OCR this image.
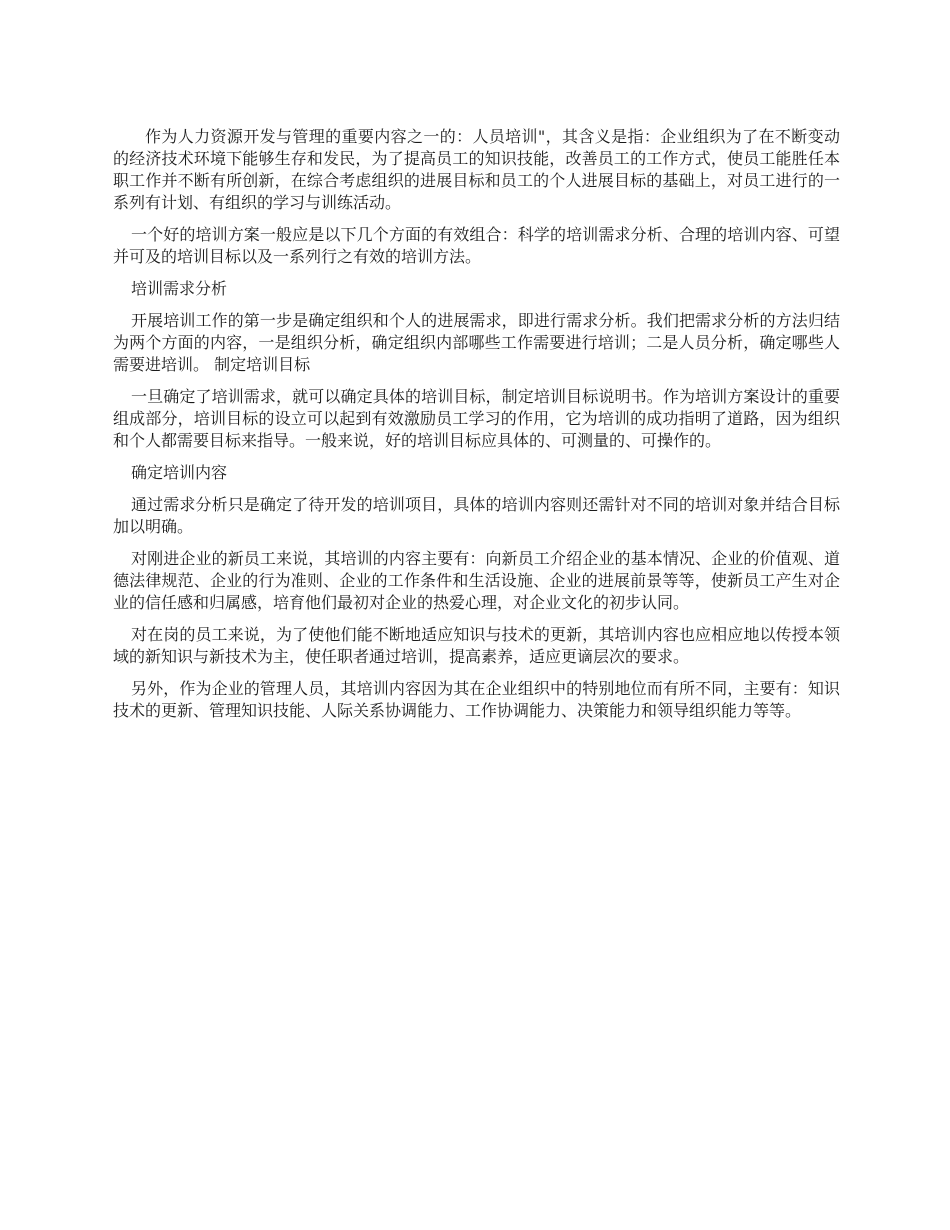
作为人力资源开发与管理的重要内容之一的：人员培训"，其含义是指：企业组织为了在不断变动的经济技术环境下能够生存和发民，为了提高员工的知识技能，改善员工的工作方式，使员工能胜任本职工作并不断有所创新，在综合考虑组织的进展目标和员工的个人进展目标的基础上，对员工进行的一系列有计划、有组织的学习与训练活动。

一个好的培训方案一般应是以下几个方面的有效组合：科学的培训需求分析、合理的培训内容、可望并可及的培训目标以及一系列行之有效的培训方法。

培训需求分析

开展培训工作的第一步是确定组织和个人的进展需求，即进行需求分析。我们把需求分析的方法归结为两个方面的内容，一是组织分析，确定组织内部哪些工作需要进行培训；二是人员分析，确定哪些人需要进培训。 制定培训目标

一旦确定了培训需求，就可以确定具体的培训目标，制定培训目标说明书。作为培训方案设计的重要组成部分，培训目标的设立可以起到有效激励员工学习的作用，它为培训的成功指明了道路，因为组织和个人都需要目标来指导。一般来说，好的培训目标应具体的、可测量的、可操作的。

确定培训内容

通过需求分析只是确定了待开发的培训项目，具体的培训内容则还需针对不同的培训对象并结合目标加以明确。

对刚进企业的新员工来说，其培训的内容主要有：向新员工介绍企业的基本情况、企业的价值观、道德法律规范、企业的行为准则、企业的工作条件和生活设施、企业的进展前景等等，使新员工产生对企业的信任感和归属感，培育他们最初对企业的热爱心理，对企业文化的初步认同。

对在岗的员工来说，为了使他们能不断地适应知识与技术的更新，其培训内容也应相应地以传授本领域的新知识与新技术为主，使任职者通过培训，提高素养，适应更谪层次的要求。

另外，作为企业的管理人员，其培训内容因为其在企业组织中的特别地位而有所不同，主要有：知识技术的更新、管理知识技能、人际关系协调能力、工作协调能力、决策能力和领导组织能力等等。
